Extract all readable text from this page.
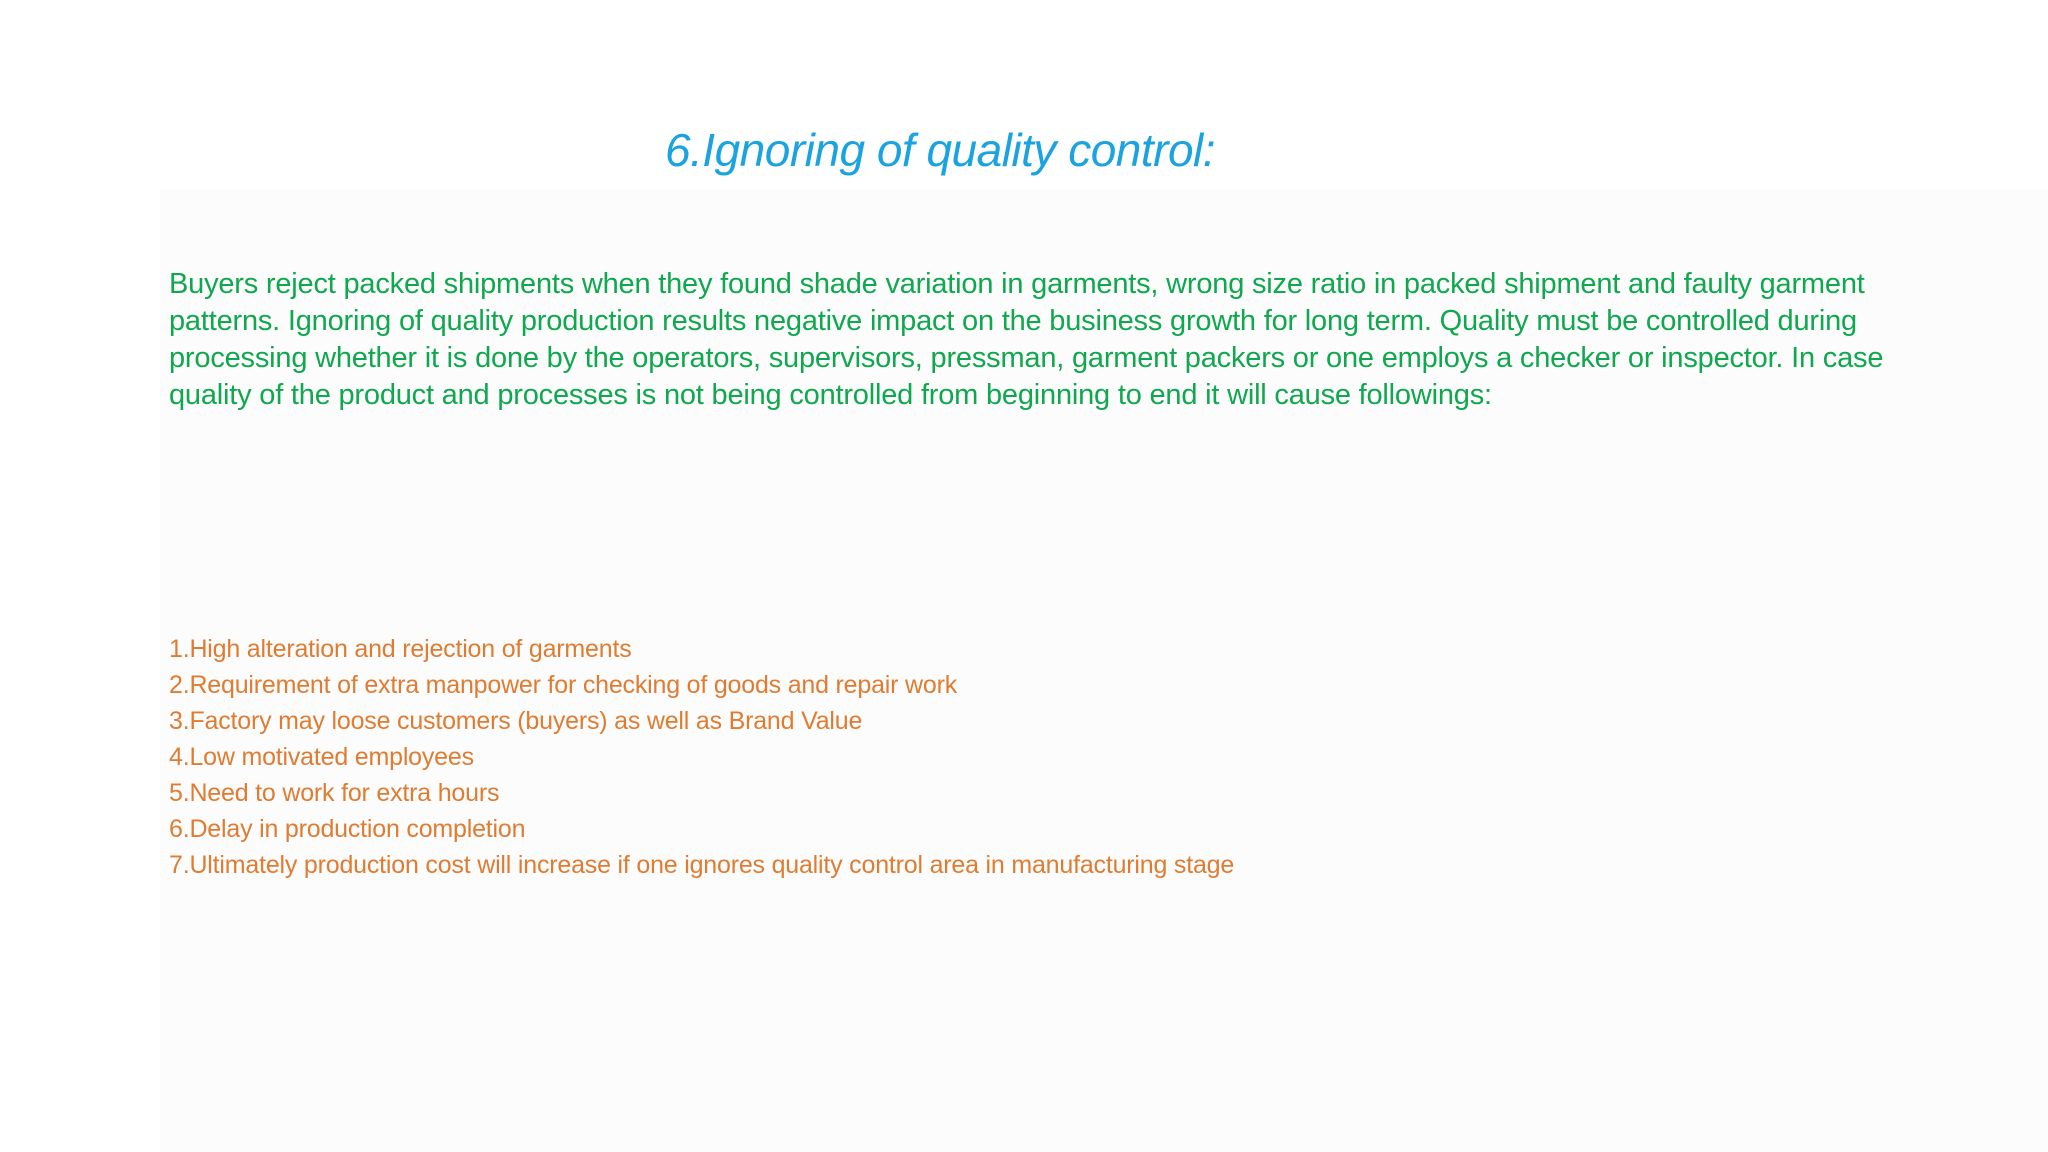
6.Ignoring of quality control:
Buyers reject packed shipments when they found shade variation in garments, wrong size ratio in packed shipment and faulty garment patterns. Ignoring of quality production results negative impact on the business growth for long term. Quality must be controlled during processing whether it is done by the operators, supervisors, pressman, garment packers or one employs a checker or inspector. In case quality of the product and processes is not being controlled from beginning to end it will cause followings:
1.High alteration and rejection of garments
2.Requirement of extra manpower for checking of goods and repair work
3.Factory may loose customers (buyers) as well as Brand Value
4.Low motivated employees
5.Need to work for extra hours
6.Delay in production completion
7.Ultimately production cost will increase if one ignores quality control area in manufacturing stage
